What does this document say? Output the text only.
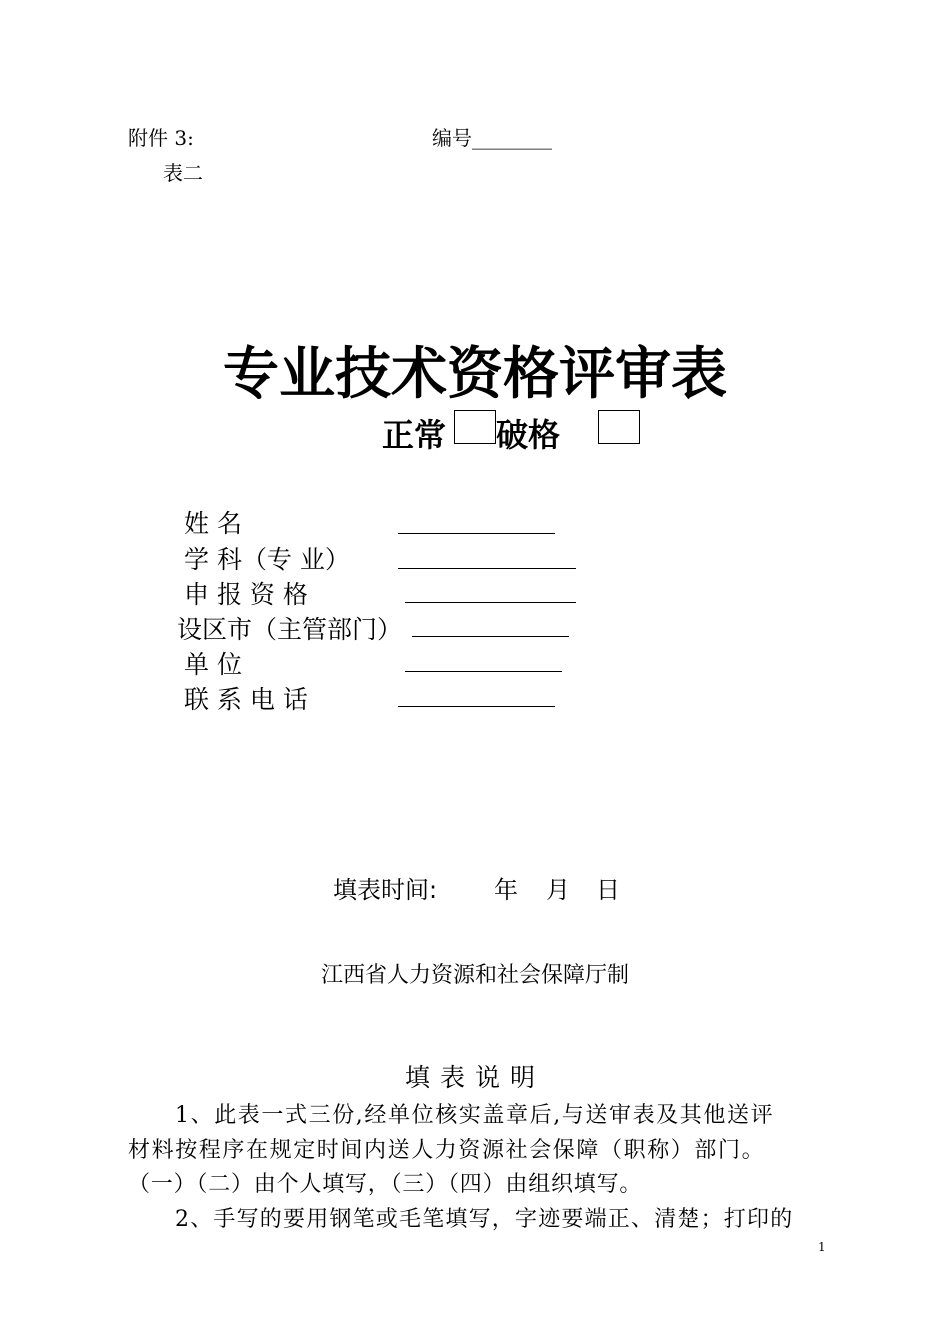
附件 3:	编号________
表二
专业技术资格评审表
正常 破格
姓 名
学 科（专 业）
申 报 资 格
设区市（主管部门）
单 位
联 系 电 话
填表时间: 年 月 日
江西省人力资源和社会保障厅制
填表说明
1、此表一式三份,经单位核实盖章后,与送审表及其他送评
材料按程序在规定时间内送人力资源社会保障（职称）部门。
（一）（二）由个人填写，（三）（四）由组织填写。
2、手写的要用钢笔或毛笔填写，字迹要端正、清楚；打印的
1
